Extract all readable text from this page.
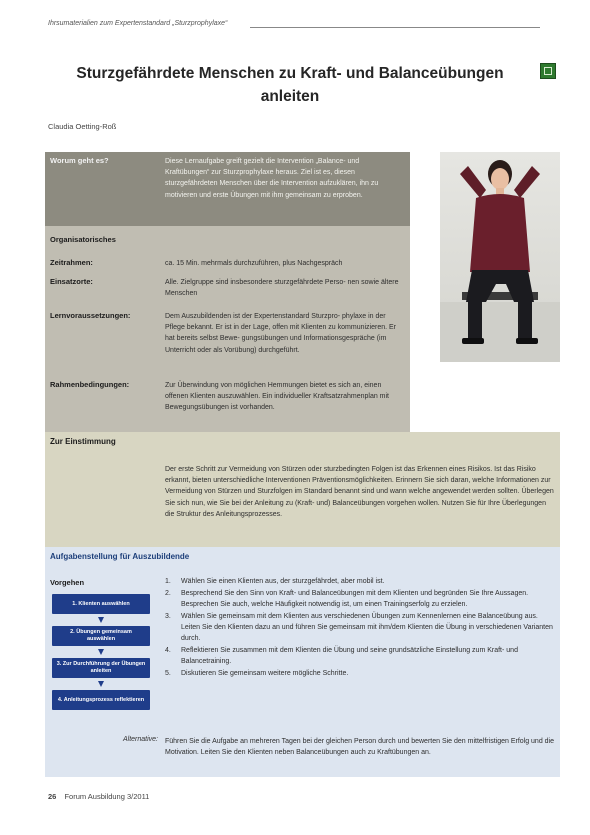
Ihrsumaterialien zum Expertenstandard „Sturzprophylaxe“
Sturzgefährdete Menschen zu Kraft- und Balanceübungen
anleiten
Claudia Oetting-Roß
Worum geht es?	Diese Lernaufgabe greift gezielt die Intervention „Balance- und Kraftübungen“ zur Sturzprophylaxe heraus. Ziel ist es, diesen sturzgefährdeten Menschen über die Intervention aufzuklären, ihn zu motivieren und erste Übungen mit ihm gemeinsam zu erproben.
Organisatorisches
Zeitrahmen:	ca. 15 Min. mehrmals durchzuführen, plus Nachgespräch
Einsatzorte:	Alle. Zielgruppe sind insbesondere sturzgefährdete Perso- nen sowie ältere Menschen
Lernvoraussetzungen:	Dem Auszubildenden ist der Expertenstandard Sturzpro- phylaxe in der Pflege bekannt. Er ist in der Lage, offen mit Klienten zu kommunizieren. Er hat bereits selbst Bewe- gungsübungen und Informationsgespräche (im Unterricht oder als Vorübung) durchgeführt.
Rahmenbedingungen:	Zur Überwindung von möglichen Hemmungen bietet es sich an, einen offenen Klienten auszuwählen. Ein individueller Kraftsatzrahmenplan mit Bewegungsübungen ist vorhanden.
Zur Einstimmung
Der erste Schritt zur Vermeidung von Stürzen oder sturzbedingten Folgen ist das Erkennen eines Risikos. Ist das Risiko erkannt, bieten unterschiedliche Interventionen Präventionsmöglichkeiten. Erinnern Sie sich daran, welche Informationen zur Vermeidung von Stürzen und Sturzfolgen im Standard benannt sind und wann welche angewendet werden sollten. Überlegen Sie sich nun, wie Sie bei der Anleitung zu (Kraft- und) Balanceübungen vorgehen wollen. Nutzen Sie für Ihre Überlegungen die Struktur des Anleitungsprozesses.
Aufgabenstellung für Auszubildende
Vorgehen
1. Klienten auswählen
2. Übungen gemeinsam auswählen
3. Zur Durchführung der Übungen anleiten
4. Anleitungsprozess reflektieren
1. Wählen Sie einen Klienten aus, der sturzgefährdet, aber mobil ist.
2. Besprechend Sie den Sinn von Kraft- und Balanceübungen mit dem Klienten und begründen Sie Ihre Aussagen. Besprechen Sie auch, welche Häufigkeit notwendig ist, um einen Trainingserfolg zu erzielen.
3. Wählen Sie gemeinsam mit dem Klienten aus verschiedenen Übungen zum Kennenlernen eine Balanceübung aus. Leiten Sie den Klienten dazu an und führen Sie gemeinsam mit ihm/dem Klienten die Übung in verschiedenen Varianten durch.
4. Reflektieren Sie zusammen mit dem Klienten die Übung und seine grundsätzliche Einstellung zum Kraft- und Balancetraining.
5. Diskutieren Sie gemeinsam weitere mögliche Schritte.
Alternative: Führen Sie die Aufgabe an mehreren Tagen bei der gleichen Person durch und bewerten Sie den mittelfristigen Erfolg und die Motivation. Leiten Sie den Klienten neben Balanceübungen auch zu Kraftübungen an.
26 Forum Ausbildung 3/2011
